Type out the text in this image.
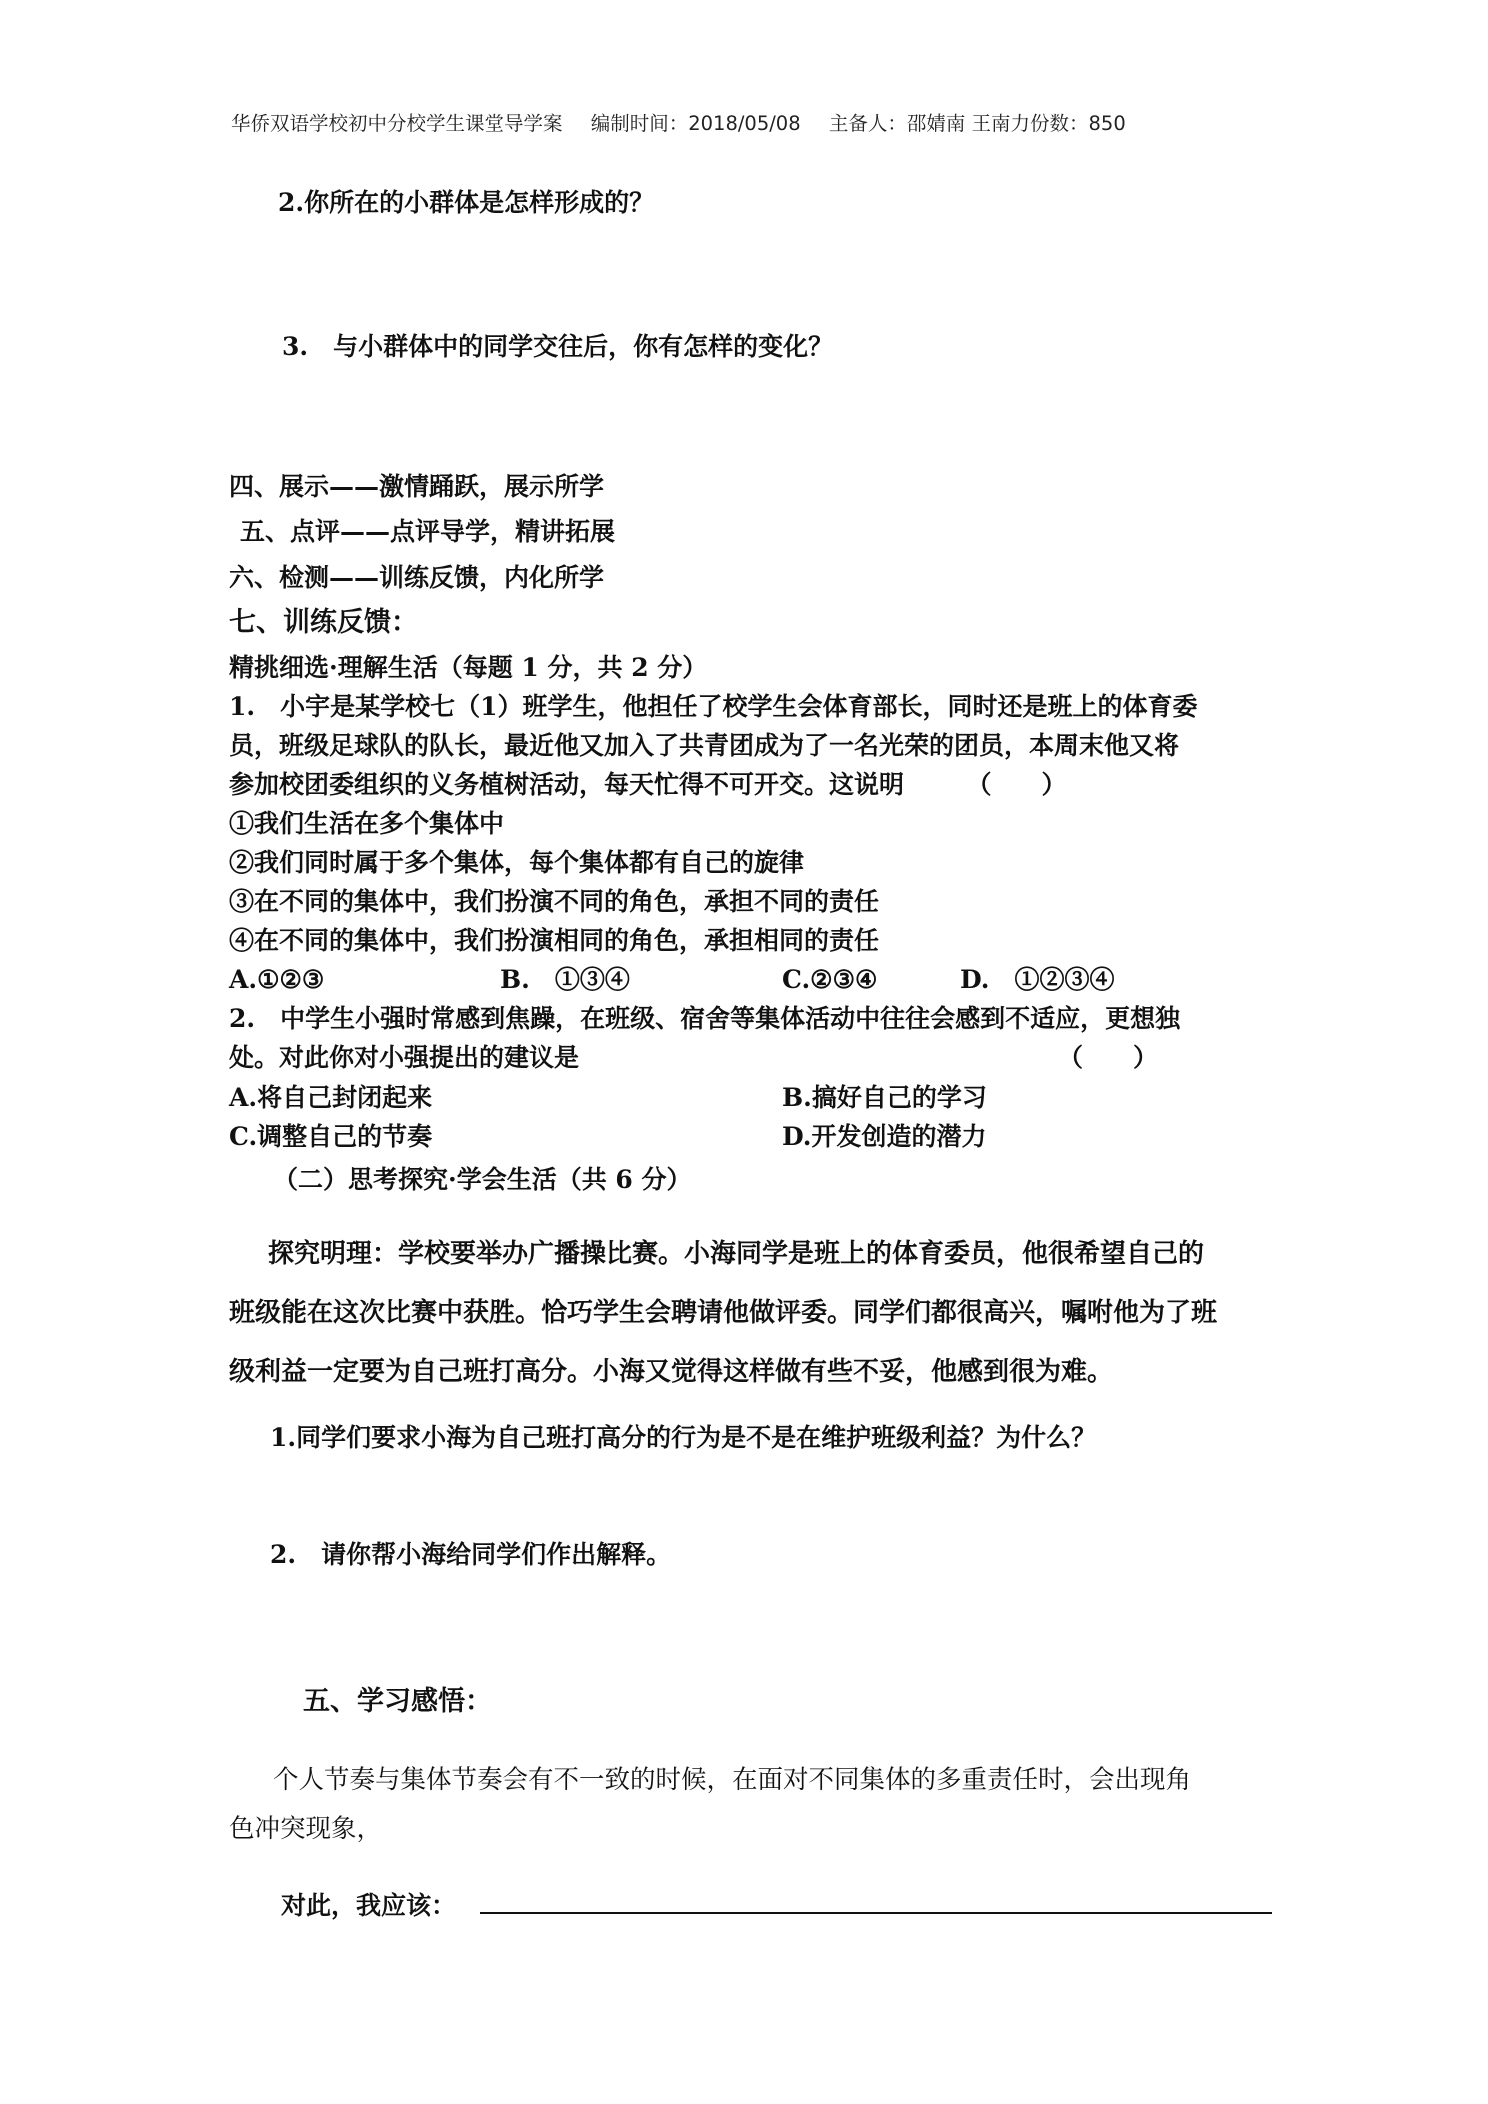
华侨双语学校初中分校学生课堂导学案 编制时间：2018/05/08 主备人：邵婧南 王南力份数：850
2.你所在的小群体是怎样形成的？
3.　与小群体中的同学交往后，你有怎样的变化？
四、展示——激情踊跃，展示所学
五、点评——点评导学，精讲拓展
六、检测——训练反馈，内化所学
七、训练反馈：
精挑细选·理解生活（每题 1 分，共 2 分）
1.　小宇是某学校七（1）班学生，他担任了校学生会体育部长，同时还是班上的体育委
员，班级足球队的队长，最近他又加入了共青团成为了一名光荣的团员，本周末他又将
参加校团委组织的义务植树活动，每天忙得不可开交。这说明　　　（　　）
①我们生活在多个集体中
②我们同时属于多个集体，每个集体都有自己的旋律
③在不同的集体中，我们扮演不同的角色，承担不同的责任
④在不同的集体中，我们扮演相同的角色，承担相同的责任
A.①②③	B.　①③④	C.②③④	D.　①②③④
2.　中学生小强时常感到焦躁，在班级、宿舍等集体活动中往往会感到不适应，更想独
处。对此你对小强提出的建议是	（　　）
A.将自己封闭起来	B.搞好自己的学习
C.调整自己的节奏	D.开发创造的潜力
（二）思考探究·学会生活（共 6 分）
探究明理：学校要举办广播操比赛。小海同学是班上的体育委员，他很希望自己的
班级能在这次比赛中获胜。恰巧学生会聘请他做评委。同学们都很高兴，嘱咐他为了班
级利益一定要为自己班打高分。小海又觉得这样做有些不妥，他感到很为难。
1.同学们要求小海为自己班打高分的行为是不是在维护班级利益？为什么？
2.　请你帮小海给同学们作出解释。
五、学习感悟：
个人节奏与集体节奏会有不一致的时候，在面对不同集体的多重责任时，会出现角
色冲突现象，
对此，我应该：
